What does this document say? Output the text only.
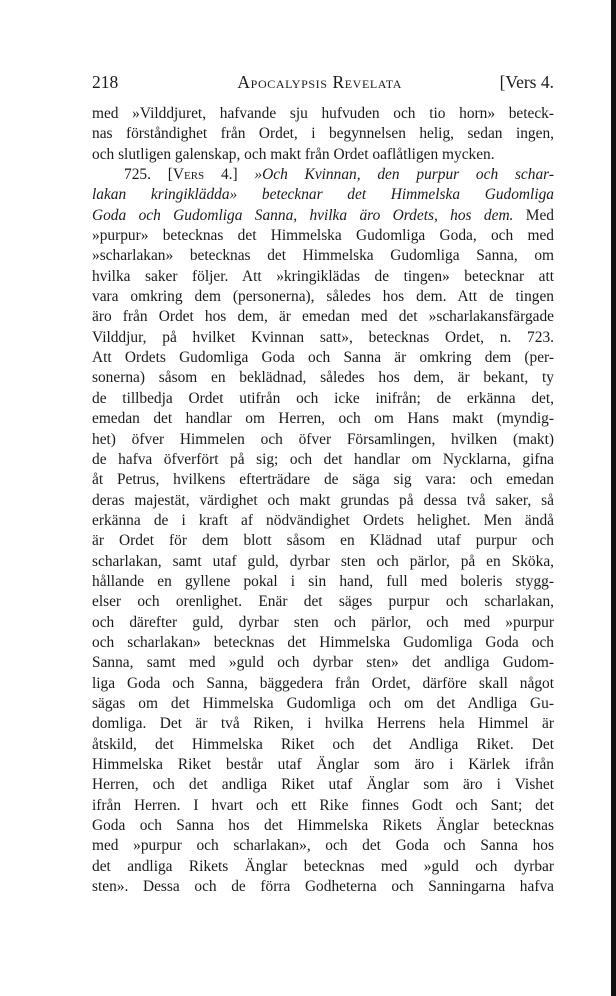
218	Apocalypsis Revelata	[Vers 4.
med »Vilddjuret, hafvande sju hufvuden och tio horn» beteck-
nas förståndighet från Ordet, i begynnelsen helig, sedan ingen,
och slutligen galenskap, och makt från Ordet oaflåtligen mycken.
725. [Vers 4.] »Och Kvinnan, den purpur och schar-
lakan kringiklädda» betecknar det Himmelska Gudomliga
Goda och Gudomliga Sanna, hvilka äro Ordets, hos dem. Med
»purpur» betecknas det Himmelska Gudomliga Goda, och med
»scharlakan» betecknas det Himmelska Gudomliga Sanna, om
hvilka saker följer. Att »kringiklädas de tingen» betecknar att
vara omkring dem (personerna), således hos dem. Att de tingen
äro från Ordet hos dem, är emedan med det »scharlakansfärgade
Vilddjur, på hvilket Kvinnan satt», betecknas Ordet, n. 723.
Att Ordets Gudomliga Goda och Sanna är omkring dem (per-
sonerna) såsom en beklädnad, således hos dem, är bekant, ty
de tillbedja Ordet utifrån och icke inifrån; de erkänna det,
emedan det handlar om Herren, och om Hans makt (myndig-
het) öfver Himmelen och öfver Församlingen, hvilken (makt)
de hafva öfverfört på sig; och det handlar om Nycklarna, gifna
åt Petrus, hvilkens efterträdare de säga sig vara: och emedan
deras majestät, värdighet och makt grundas på dessa två saker, så
erkänna de i kraft af nödvändighet Ordets helighet. Men ändå
är Ordet för dem blott såsom en Klädnad utaf purpur och
scharlakan, samt utaf guld, dyrbar sten och pärlor, på en Sköka,
hållande en gyllene pokal i sin hand, full med boleris stygg-
elser och orenlighet. Enär det säges purpur och scharlakan,
och därefter guld, dyrbar sten och pärlor, och med »purpur
och scharlakan» betecknas det Himmelska Gudomliga Goda och
Sanna, samt med »guld och dyrbar sten» det andliga Gudom-
liga Goda och Sanna, bäggedera från Ordet, därföre skall något
sägas om det Himmelska Gudomliga och om det Andliga Gu-
domliga. Det är två Riken, i hvilka Herrens hela Himmel är
åtskild, det Himmelska Riket och det Andliga Riket. Det
Himmelska Riket består utaf Änglar som äro i Kärlek ifrån
Herren, och det andliga Riket utaf Änglar som äro i Vishet
ifrån Herren. I hvart och ett Rike finnes Godt och Sant; det
Goda och Sanna hos det Himmelska Rikets Änglar betecknas
med »purpur och scharlakan», och det Goda och Sanna hos
det andliga Rikets Änglar betecknas med »guld och dyrbar
sten». Dessa och de förra Godheterna och Sanningarna hafva
